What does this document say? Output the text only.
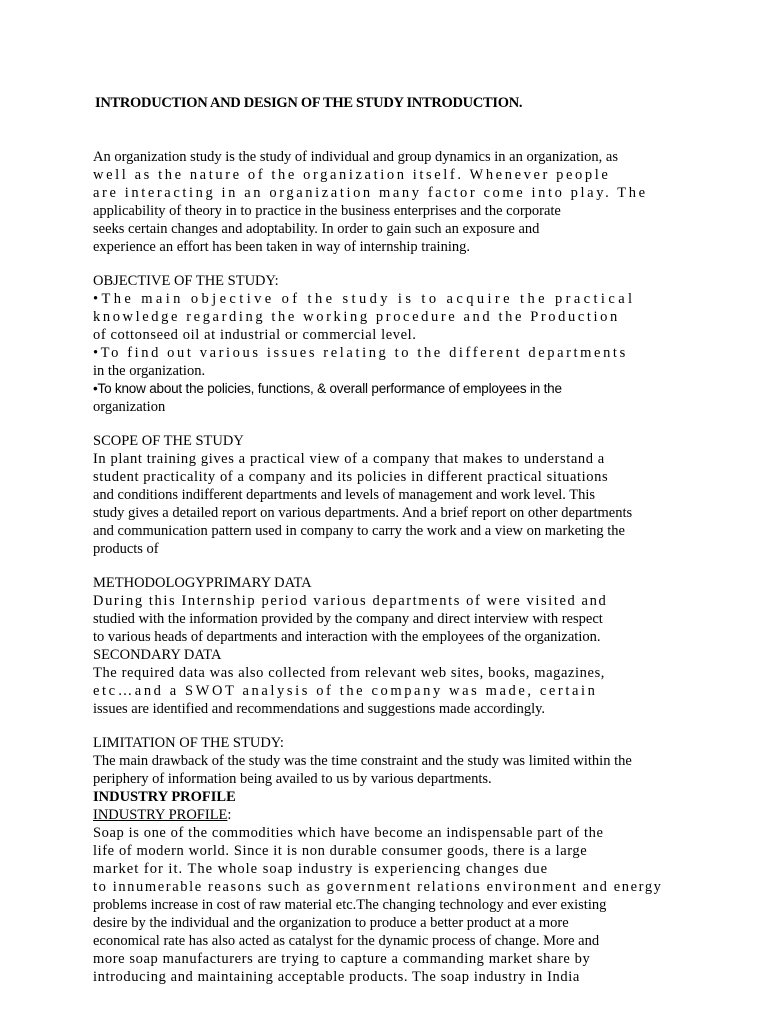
INTRODUCTION AND DESIGN OF THE STUDY INTRODUCTION.
An organization study is the study of individual and group dynamics in an organization, as
well as the nature of the organization itself. Whenever people
are interacting in an organization many factor come into play. The
applicability of theory in to practice in the business enterprises and the corporate
seeks certain changes and adoptability. In order to gain such an exposure and
experience an effort has been taken in way of internship training.
OBJECTIVE OF THE STUDY:
•The main objective of the study is to acquire the practical
knowledge regarding the working procedure and the Production
of cottonseed oil at industrial or commercial level.
•To find out various issues relating to the different departments
in the organization.
•To know about the policies, functions, & overall performance of employees in the
organization
SCOPE OF THE STUDY
In plant training gives a practical view of a company that makes to understand a
student practicality of a company and its policies in different practical situations
and conditions indifferent departments and levels of management and work level. This
study gives a detailed report on various departments. And a brief report on other departments
and communication pattern used in company to carry the work and a view on marketing the
products of
METHODOLOGYPRIMARY DATA
During this Internship period various departments of were visited and
studied with the information provided by the company and direct interview with respect
to various heads of departments and interaction with the employees of the organization.
SECONDARY DATA
The required data was also collected from relevant web sites, books, magazines,
etc…and a SWOT analysis of the company was made, certain
issues are identified and recommendations and suggestions made accordingly.
LIMITATION OF THE STUDY:
The main drawback of the study was the time constraint and the study was limited within the
periphery of information being availed to us by various departments.
INDUSTRY PROFILE
INDUSTRY PROFILE:
Soap is one of the commodities which have become an indispensable part of the
life of modern world. Since it is non durable consumer goods, there is a large
market for it. The whole soap industry is experiencing changes due
to innumerable reasons such as government relations environment and energy
problems increase in cost of raw material etc.The changing technology and ever existing
desire by the individual and the organization to produce a better product at a more
economical rate has also acted as catalyst for the dynamic process of change. More and
more soap manufacturers are trying to capture a commanding market share by
introducing and maintaining acceptable products. The soap industry in India
